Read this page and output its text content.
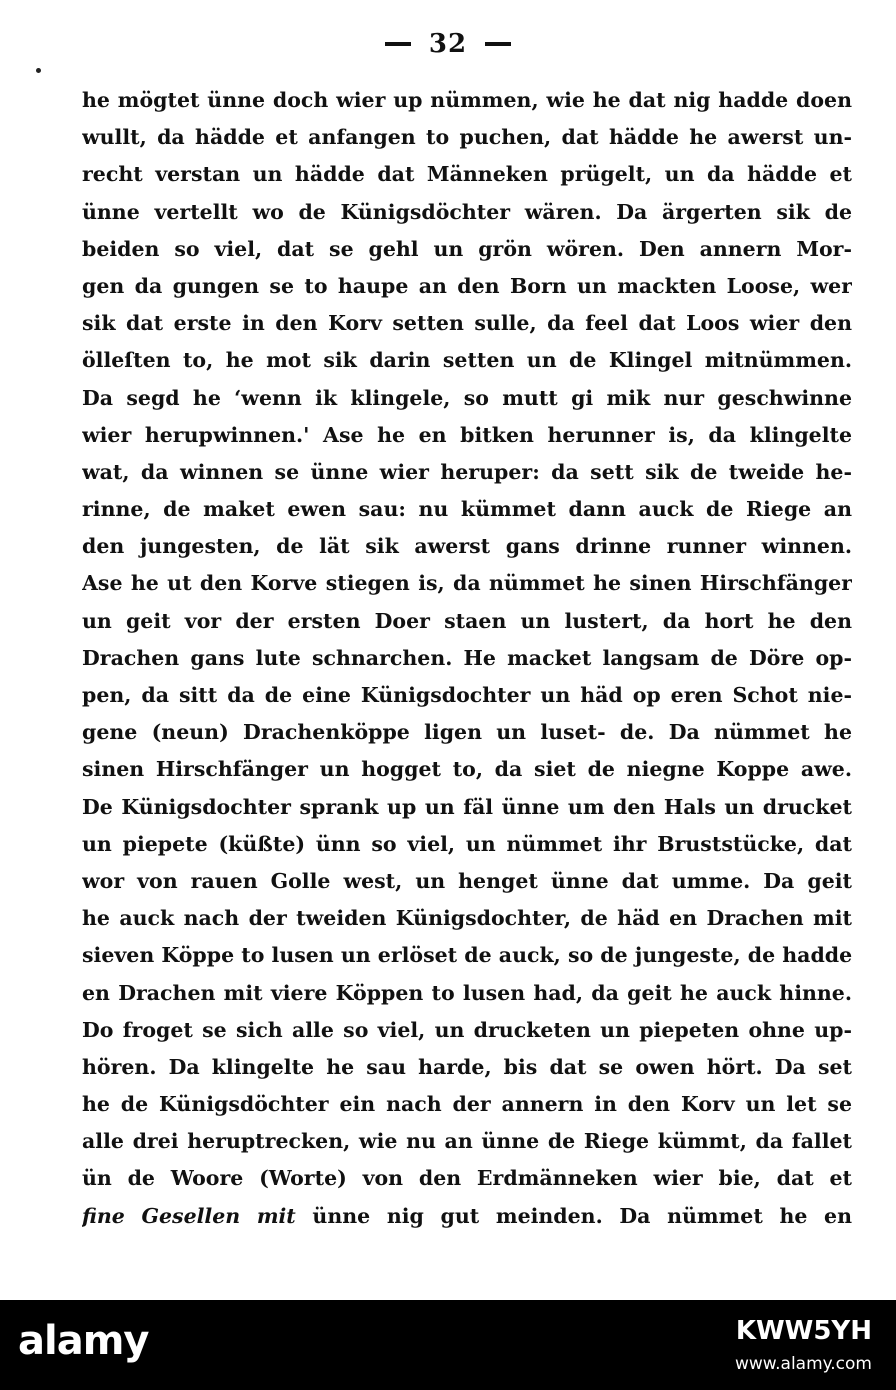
32
he mögtet ünne doch wier up nümmen, wie he dat nig hadde doen
wullt, da hädde et anfangen to puchen, dat hädde he awerst un-
recht verstan un hädde dat Männeken prügelt, un da hädde et
ünne vertellt wo de Künigsdöchter wären. Da ärgerten sik de
beiden so viel, dat se gehl un grön wören. Den annern Mor-
gen da gungen se to haupe an den Born un mackten Loose, wer
sik dat erste in den Korv setten sulle, da feel dat Loos wier den
ölleſten to, he mot sik darin setten un de Klingel mitnümmen.
Da segd he ʻwenn ik klingele, so mutt gi mik nur geschwinne
wier herupwinnen.' Ase he en bitken herunner is, da klingelte
wat, da winnen se ünne wier heruper: da sett sik de tweide he-
rinne, de maket ewen sau: nu kümmet dann auck de Riege an
den jungesten, de lät sik awerst gans drinne runner winnen.
Ase he ut den Korve stiegen is, da nümmet he sinen Hirschfänger
un geit vor der ersten Doer staen un lustert, da hort he den
Drachen gans lute schnarchen. He macket langsam de Döre op-
pen, da sitt da de eine Künigsdochter un häd op eren Schot nie-
gene (neun) Drachenköppe ligen un luset- de. Da nümmet he
sinen Hirschfänger un hogget to, da siet de niegne Koppe awe.
De Künigsdochter sprank up un fäl ünne um den Hals un drucket
un piepete (küßte) ünn so viel, un nümmet ihr Bruststücke, dat
wor von rauen Golle west, un henget ünne dat umme. Da geit
he auck nach der tweiden Künigsdochter, de häd en Drachen mit
sieven Köppe to lusen un erlöset de auck, so de jungeste, de hadde
en Drachen mit viere Köppen to lusen had, da geit he auck hinne.
Do froget se sich alle so viel, un drucketen un piepeten ohne up-
hören. Da klingelte he sau harde, bis dat se owen hört. Da set
he de Künigsdöchter ein nach der annern in den Korv un let se
alle drei heruptrecken, wie nu an ünne de Riege kümmt, da fallet
ün de Woore (Worte) von den Erdmänneken wier bie, dat et
fine Gesellen mit ünne nig gut meinden. Da nümmet he en
alamy	KWW5YH
www.alamy.com
